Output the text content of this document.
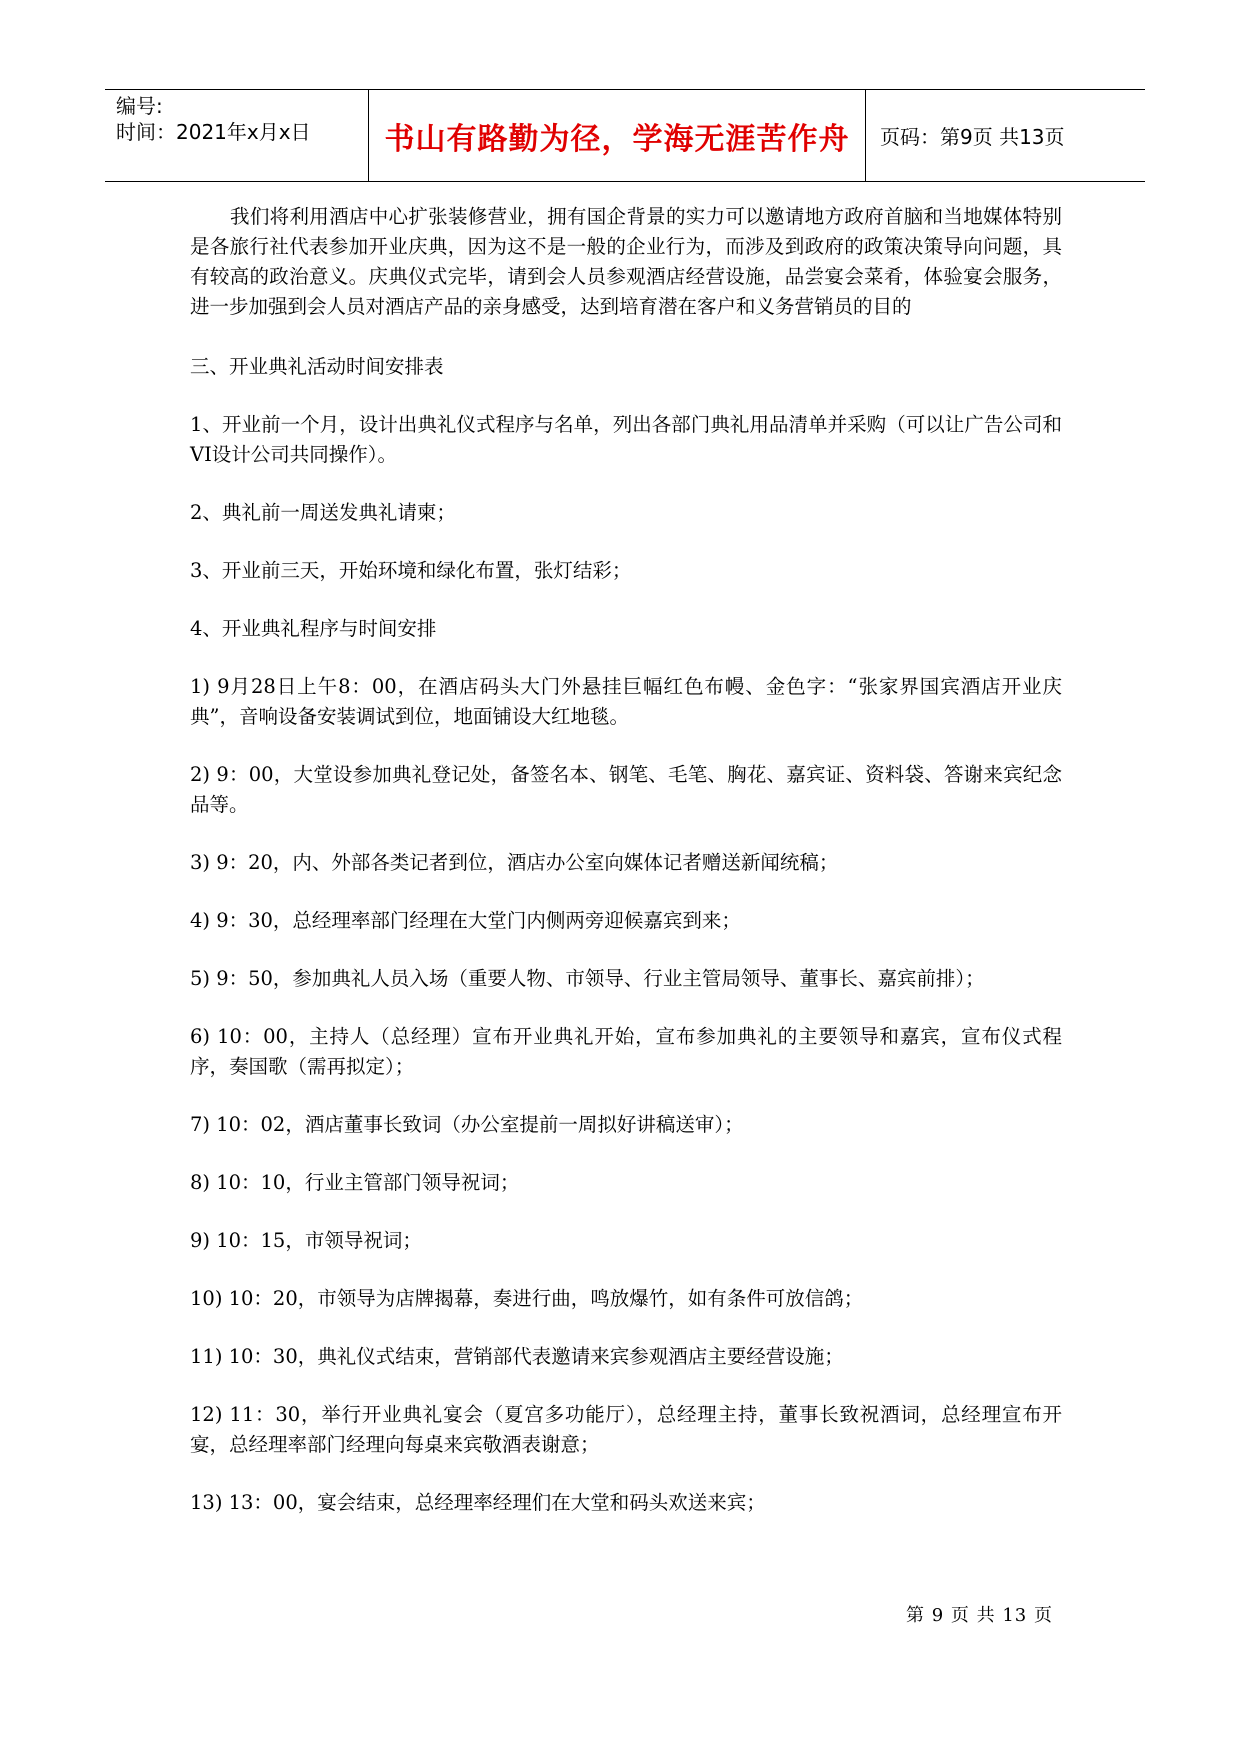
编号:
时间：2021年x月x日	书山有路勤为径，学海无涯苦作舟	页码：第9页 共13页

我们将利用酒店中心扩张装修营业，拥有国企背景的实力可以邀请地方政府首脑和当地媒体特别是各旅行社代表参加开业庆典，因为这不是一般的企业行为，而涉及到政府的政策决策导向问题，具有较高的政治意义。庆典仪式完毕，请到会人员参观酒店经营设施，品尝宴会菜肴，体验宴会服务，进一步加强到会人员对酒店产品的亲身感受，达到培育潜在客户和义务营销员的目的

三、开业典礼活动时间安排表

1、开业前一个月，设计出典礼仪式程序与名单，列出各部门典礼用品清单并采购（可以让广告公司和VI设计公司共同操作）。

2、典礼前一周送发典礼请柬；

3、开业前三天，开始环境和绿化布置，张灯结彩；

4、开业典礼程序与时间安排

1) 9月28日上午8：00，在酒店码头大门外悬挂巨幅红色布幔、金色字：“张家界国宾酒店开业庆典”，音响设备安装调试到位，地面铺设大红地毯。

2) 9：00，大堂设参加典礼登记处，备签名本、钢笔、毛笔、胸花、嘉宾证、资料袋、答谢来宾纪念品等。

3) 9：20，内、外部各类记者到位，酒店办公室向媒体记者赠送新闻统稿；

4) 9：30，总经理率部门经理在大堂门内侧两旁迎候嘉宾到来；

5) 9：50，参加典礼人员入场（重要人物、市领导、行业主管局领导、董事长、嘉宾前排）；

6) 10：00，主持人（总经理）宣布开业典礼开始，宣布参加典礼的主要领导和嘉宾，宣布仪式程序，奏国歌（需再拟定）；

7) 10：02，酒店董事长致词（办公室提前一周拟好讲稿送审）；

8) 10：10，行业主管部门领导祝词；

9) 10：15，市领导祝词；

10) 10：20，市领导为店牌揭幕，奏进行曲，鸣放爆竹，如有条件可放信鸽；

11) 10：30，典礼仪式结束，营销部代表邀请来宾参观酒店主要经营设施；

12) 11：30，举行开业典礼宴会（夏宫多功能厅），总经理主持，董事长致祝酒词，总经理宣布开宴，总经理率部门经理向每桌来宾敬酒表谢意；

13) 13：00，宴会结束，总经理率经理们在大堂和码头欢送来宾；

第 9 页 共 13 页
